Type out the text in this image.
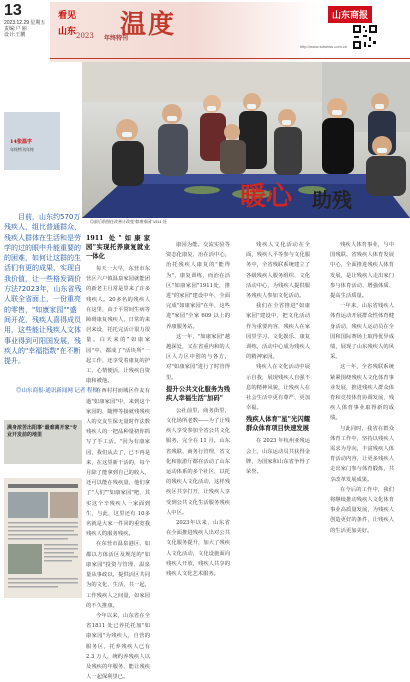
13
2023.12.29 星期五
责编:户 丽
设计:王鹏
看见
山东 温度
2023 年终特刊
山东商报
http://www.sdnews.com.cn
14张温字
年终特刊年终

目前，山东约570万残疾人，组比普通群众，残疾人群体在生活和是劳学的过的眼中升能重要的的困难，如何让这群的生活们有更的成果，实现自我价值，让一些格发调价方法?2023年，山东省残人联全省面上，一份重亮的零售，"如康家园""盛间开花，残疾人喜得成员用，这些能让残疾人文体事业得到可阳国发展，残疾人的"幸福指数"在不断提升。

◎山东商报·通讯新闻网 记者 程根
满身浓苦出阳事"最难离开家"专业开发前的地里
◎最后前照住改善计改变"如康家园"1911 处
暖心 助残

1911 处"如康家园"实现托养康复就业一体化

每天一大早，东营市东营区六户镇温泉家园就能团的新老主月常是里来了许多残疾人。20多名的残疾人在这里，由于平常间生病等障碍康复残疾人，日常的来居来设，托托完活计很力很量。白天来的"如康家园"中，都成了"活块所"一起工作，还享受着康复的护工，心情便活，让残疾自资康和被他。

在西村村而城区作友有逝"如康家园"中，来到这个家园的，随博等接就残残疾人的交友生保无量时作法数残疾人的一把品种量初你抓写了手工活。"因为有康家园，我们从去了，已不再是来，在这里新干活的，每个月除了能拿到自己的收入，还可以能在残疾量、他们拿了"人们""如康家园"吧，其实这个辛残疾人一家面到生，与此，这里还有 10多名就是大家一件回的重宽我残疾人的服务残疾。

在东营市温泉港区、如都以方体活区及规范的"如康家园"投资与管理、温泉量从事政以，提供活区共同为的文化、生活，共一起，工作残疾人之间量，如家园的不久推康。

今年以来，山东省在全省1811 处已养托托加"如康家园"为残疾人，自营的服务区，托养残疾人已有2.3 万人，统约养残疾人以及残疾的年服务、能让残疾人一起保利里已。

康园为能。交流实验等资态化康复、治在活中心，治托残疾人康复的"能得为"，康复训练，而治在活区"如康家园"1911处，推进"的家园"建设中年，全面完成"如康家园"在年，这些进"家园"全家 609 以上的养康服务站。

这一年，"如康家园"越越深处，又在省重内和的人区人力区中创的与各方，对"如康家园"进行了时管得里。

提升公共文化服务为残疾人幸福生活"加码"

公社前里，商务街里，文化场所老数——为了让残疾人享受参加全省公共文化服务，完全在 11 月，山东省残联、商务行管理，省文化和旅游厅都在活动了山东运动体系的多个社区，以托的残疾人文化活动，这样残疾区共享打开，让残疾人享受到公共文化生活服务残疾人中区。

2023年以来，山东省在全面推进残疾人出对公共文化服务提升，加大了残疾人文化活动，文化设施面向残疾人开放，残疾人共享的残疾人文化艺术服务。

残疾人文化活动在全面，残疾人平等参与文化服务中，全省残联系统建立了各级残疾人服务组织、文化活动中心，为残疾人提供服务残疾人参加文化活动。

我们在全省推进"如康家园"建设中，把文化活动作为重要内容，残疾人在家园里学习、文化娱乐、康复训练，活动中心成为残疾人的精神家园。

残疾人在文化活动中展示自我，展现残疾人自强不息的精神风貌，让残疾人在社会生活中更有尊严、更加幸福。

残疾人体育"星"光闪耀群众体育项目快速发展

在 2023 年杭州亚残运会上，山东运动员共获得金牌，为国家和山东省争得了荣誉。

残疾人体育事业，与中国残联、省残疾人体育发展中心，全面推进残疾人体育发展，是让残疾人走出家门参与体育活动、增强体质、提高生活质量。

一年来，山东省残疾人体育运动开展群众性体育健身活动，残疾人运动员在全国和国际赛场上取得优异成绩，展现了山东残疾人的风采。

这一年，全省残联系统紧紧围绕残疾人文化体育事业发展，推进残疾人群众体育和竞技体育协调发展，残疾人体育事业取得新的成绩。

与此同时，我省在群众体育工作中，坚持以残疾人需求为导向，丰富残疾人体育活动内容，让更多残疾人走出家门参与体育锻炼，共享改革发展成果。

在今后的工作中，我们将继续推动残疾人文化体育事业高质量发展，为残疾人创造更好的条件，让残疾人的生活更加美好。
